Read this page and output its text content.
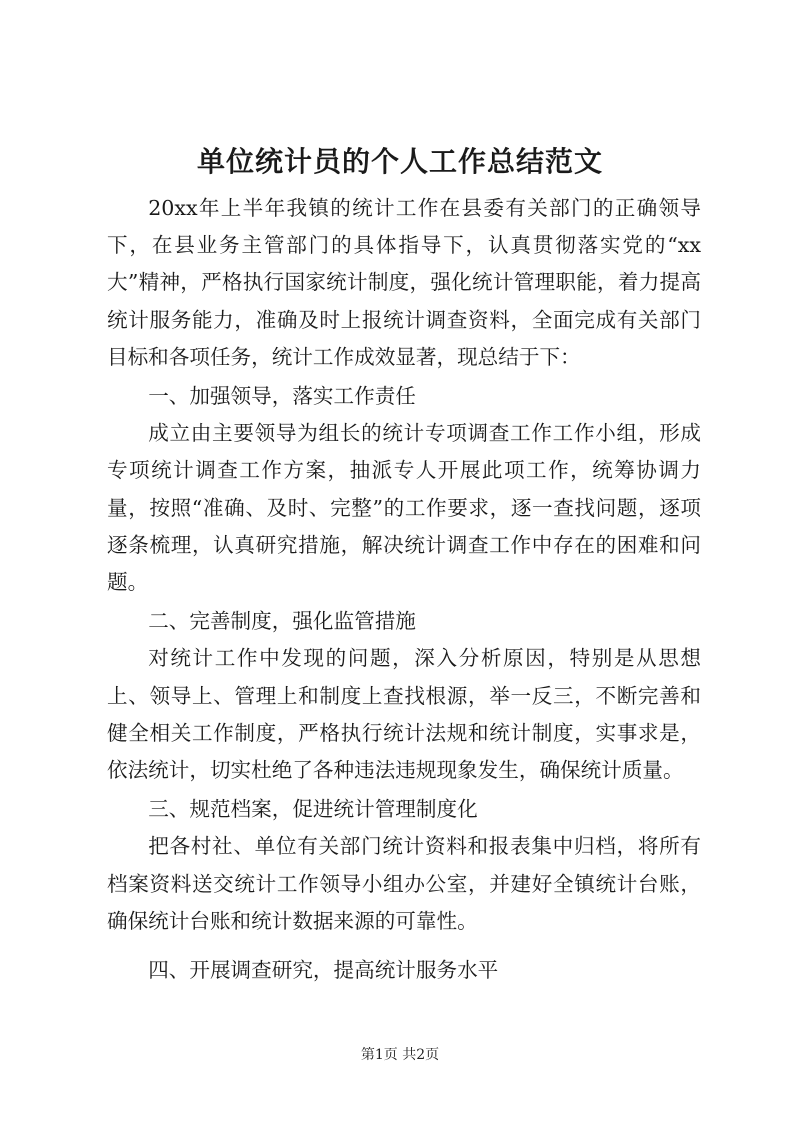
单位统计员的个人工作总结范文

20xx年上半年我镇的统计工作在县委有关部门的正确领导下，在县业务主管部门的具体指导下，认真贯彻落实党的“xx大”精神，严格执行国家统计制度，强化统计管理职能，着力提高统计服务能力，准确及时上报统计调查资料，全面完成有关部门目标和各项任务，统计工作成效显著，现总结于下：

一、加强领导，落实工作责任

成立由主要领导为组长的统计专项调查工作工作小组，形成专项统计调查工作方案，抽派专人开展此项工作，统筹协调力量，按照“准确、及时、完整”的工作要求，逐一查找问题，逐项逐条梳理，认真研究措施，解决统计调查工作中存在的困难和问题。

二、完善制度，强化监管措施

对统计工作中发现的问题，深入分析原因，特别是从思想上、领导上、管理上和制度上查找根源，举一反三，不断完善和健全相关工作制度，严格执行统计法规和统计制度，实事求是，依法统计，切实杜绝了各种违法违规现象发生，确保统计质量。

三、规范档案，促进统计管理制度化

把各村社、单位有关部门统计资料和报表集中归档，将所有档案资料送交统计工作领导小组办公室，并建好全镇统计台账，确保统计台账和统计数据来源的可靠性。

四、开展调查研究，提高统计服务水平

第1页 共2页
